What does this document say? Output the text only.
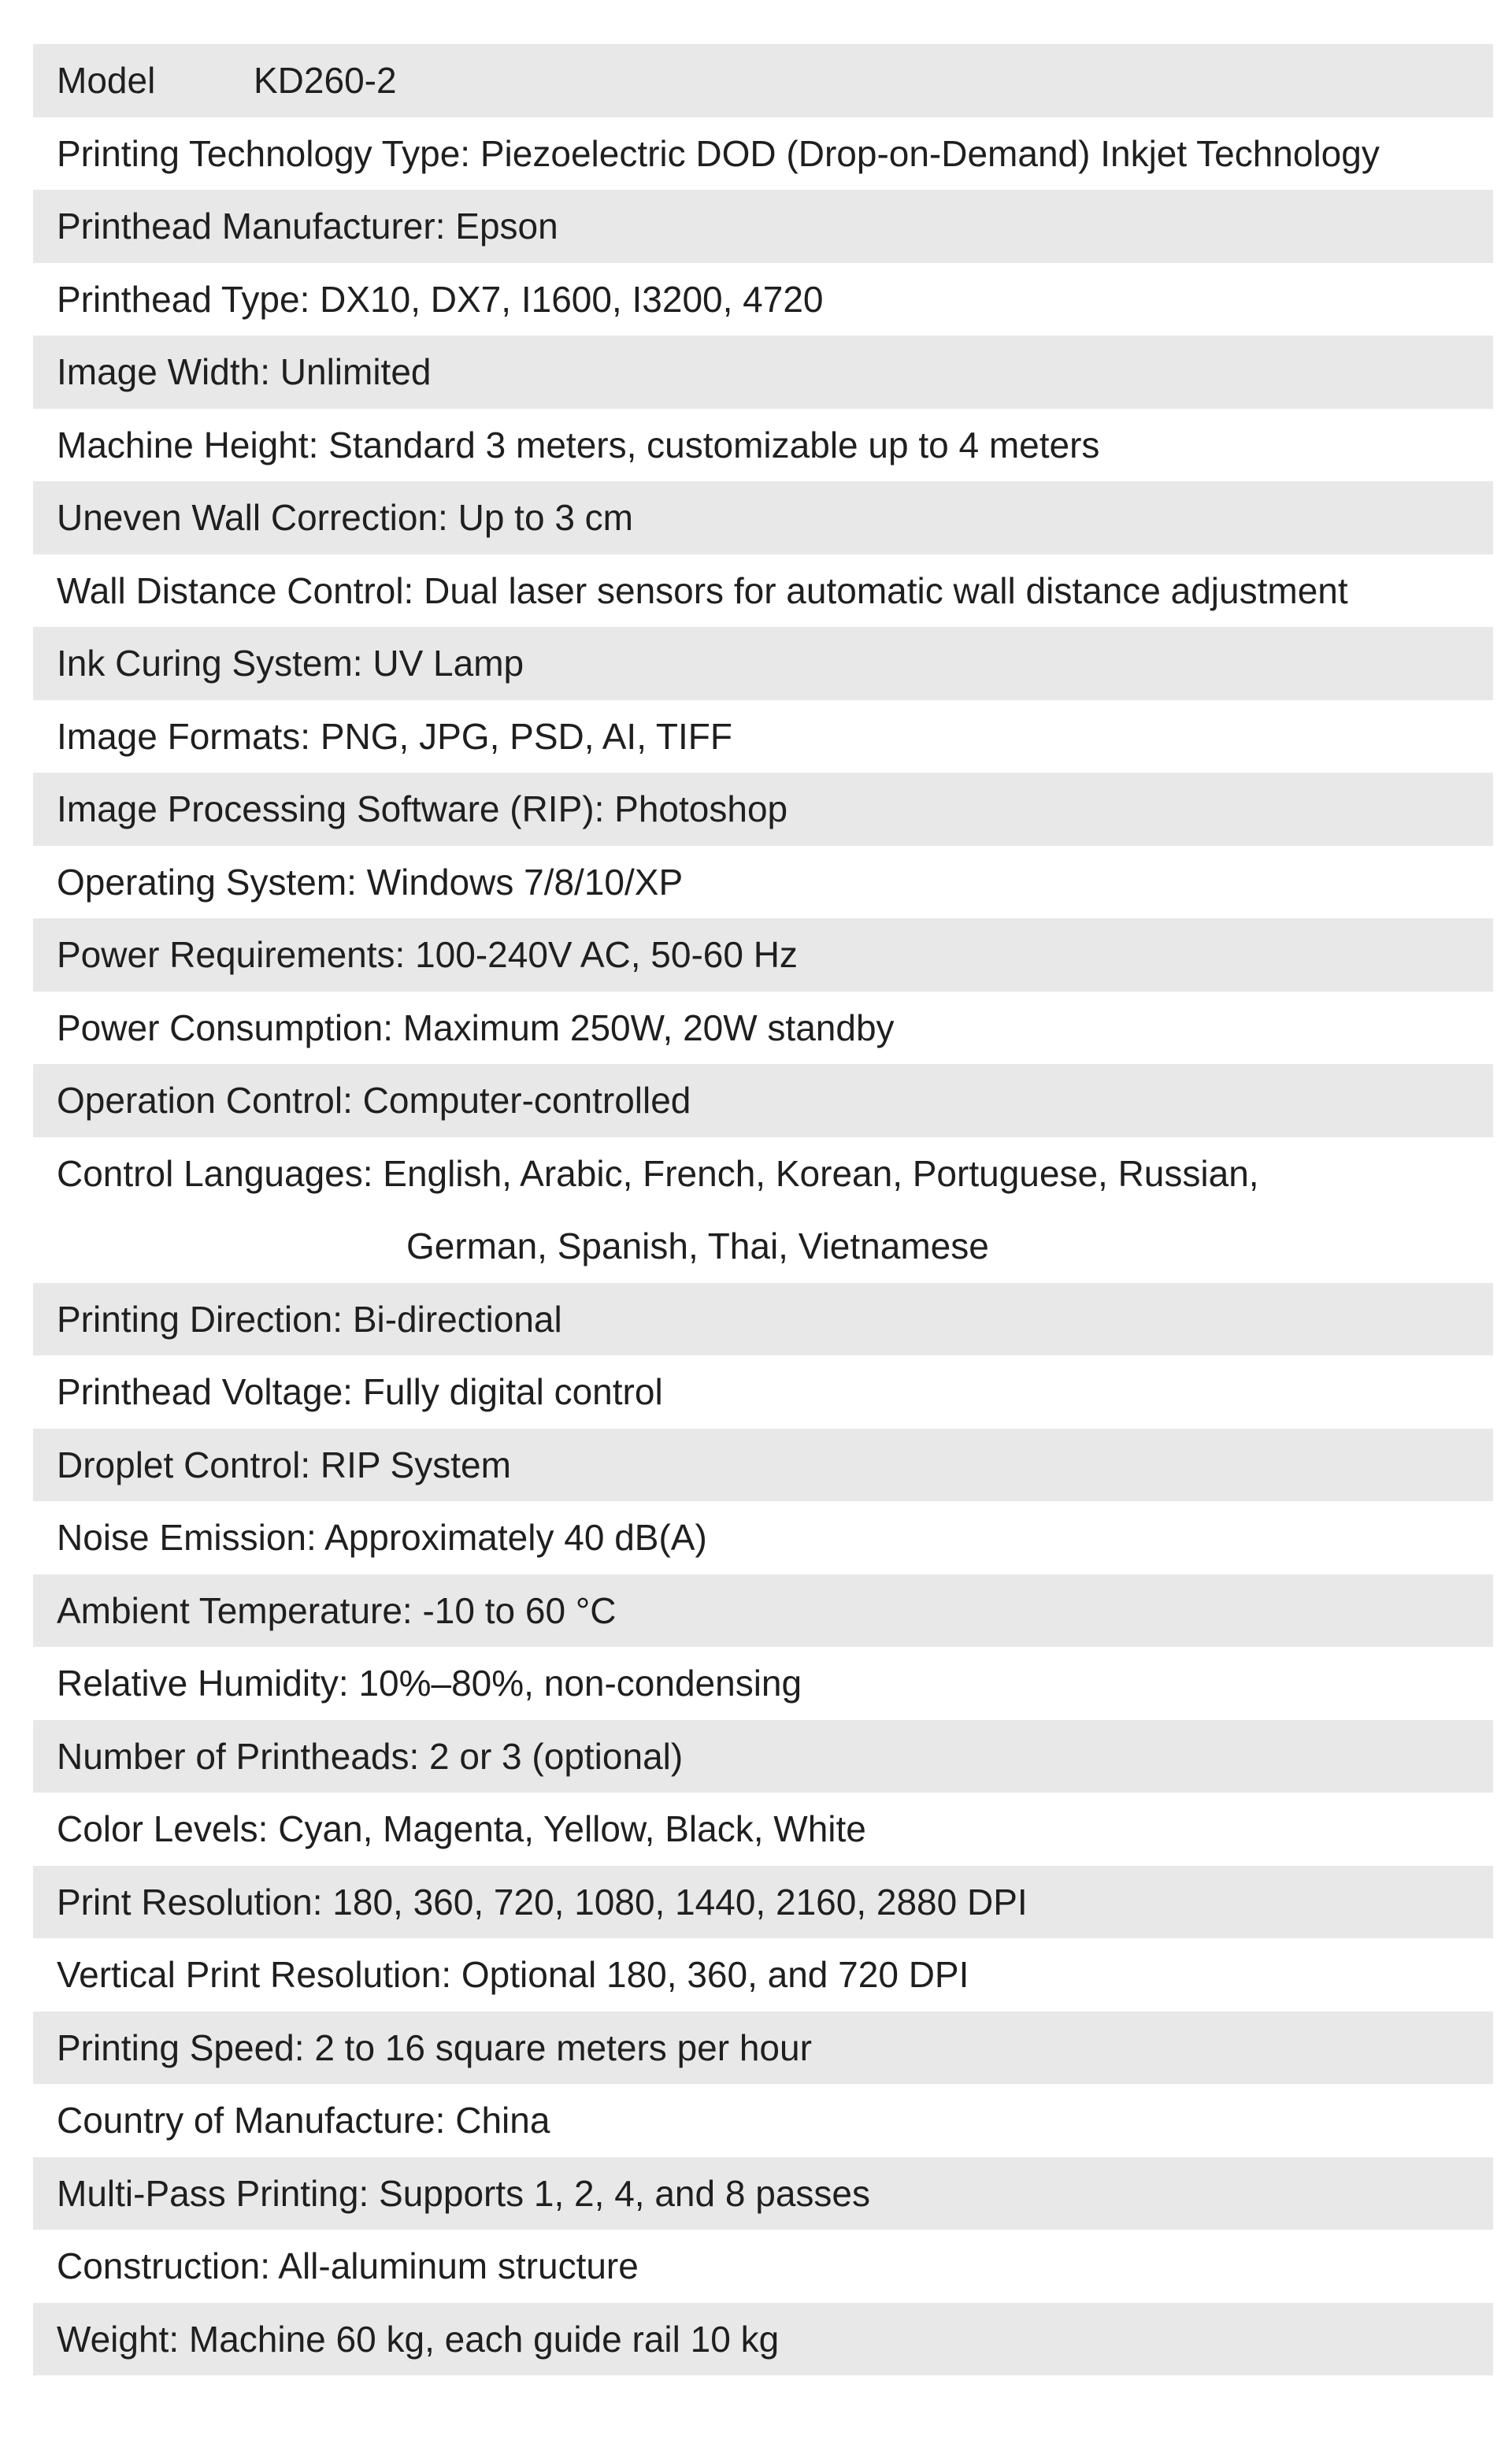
Model	KD260-2
Printing Technology Type: Piezoelectric DOD (Drop-on-Demand) Inkjet Technology
Printhead Manufacturer: Epson
Printhead Type: DX10, DX7, I1600, I3200, 4720
Image Width: Unlimited
Machine Height: Standard 3 meters, customizable up to 4 meters
Uneven Wall Correction: Up to 3 cm
Wall Distance Control: Dual laser sensors for automatic wall distance adjustment
Ink Curing System: UV Lamp
Image Formats: PNG, JPG, PSD, AI, TIFF
Image Processing Software (RIP): Photoshop
Operating System: Windows 7/8/10/XP
Power Requirements: 100-240V AC, 50-60 Hz
Power Consumption: Maximum 250W, 20W standby
Operation Control: Computer-controlled
Control Languages: English, Arabic, French, Korean, Portuguese, Russian,
German, Spanish, Thai, Vietnamese
Printing Direction: Bi-directional
Printhead Voltage: Fully digital control
Droplet Control: RIP System
Noise Emission: Approximately 40 dB(A)
Ambient Temperature: -10 to 60 °C
Relative Humidity: 10%–80%, non-condensing
Number of Printheads: 2 or 3 (optional)
Color Levels: Cyan, Magenta, Yellow, Black, White
Print Resolution: 180, 360, 720, 1080, 1440, 2160, 2880 DPI
Vertical Print Resolution: Optional 180, 360, and 720 DPI
Printing Speed: 2 to 16 square meters per hour
Country of Manufacture: China
Multi-Pass Printing: Supports 1, 2, 4, and 8 passes
Construction: All-aluminum structure
Weight: Machine 60 kg, each guide rail 10 kg
